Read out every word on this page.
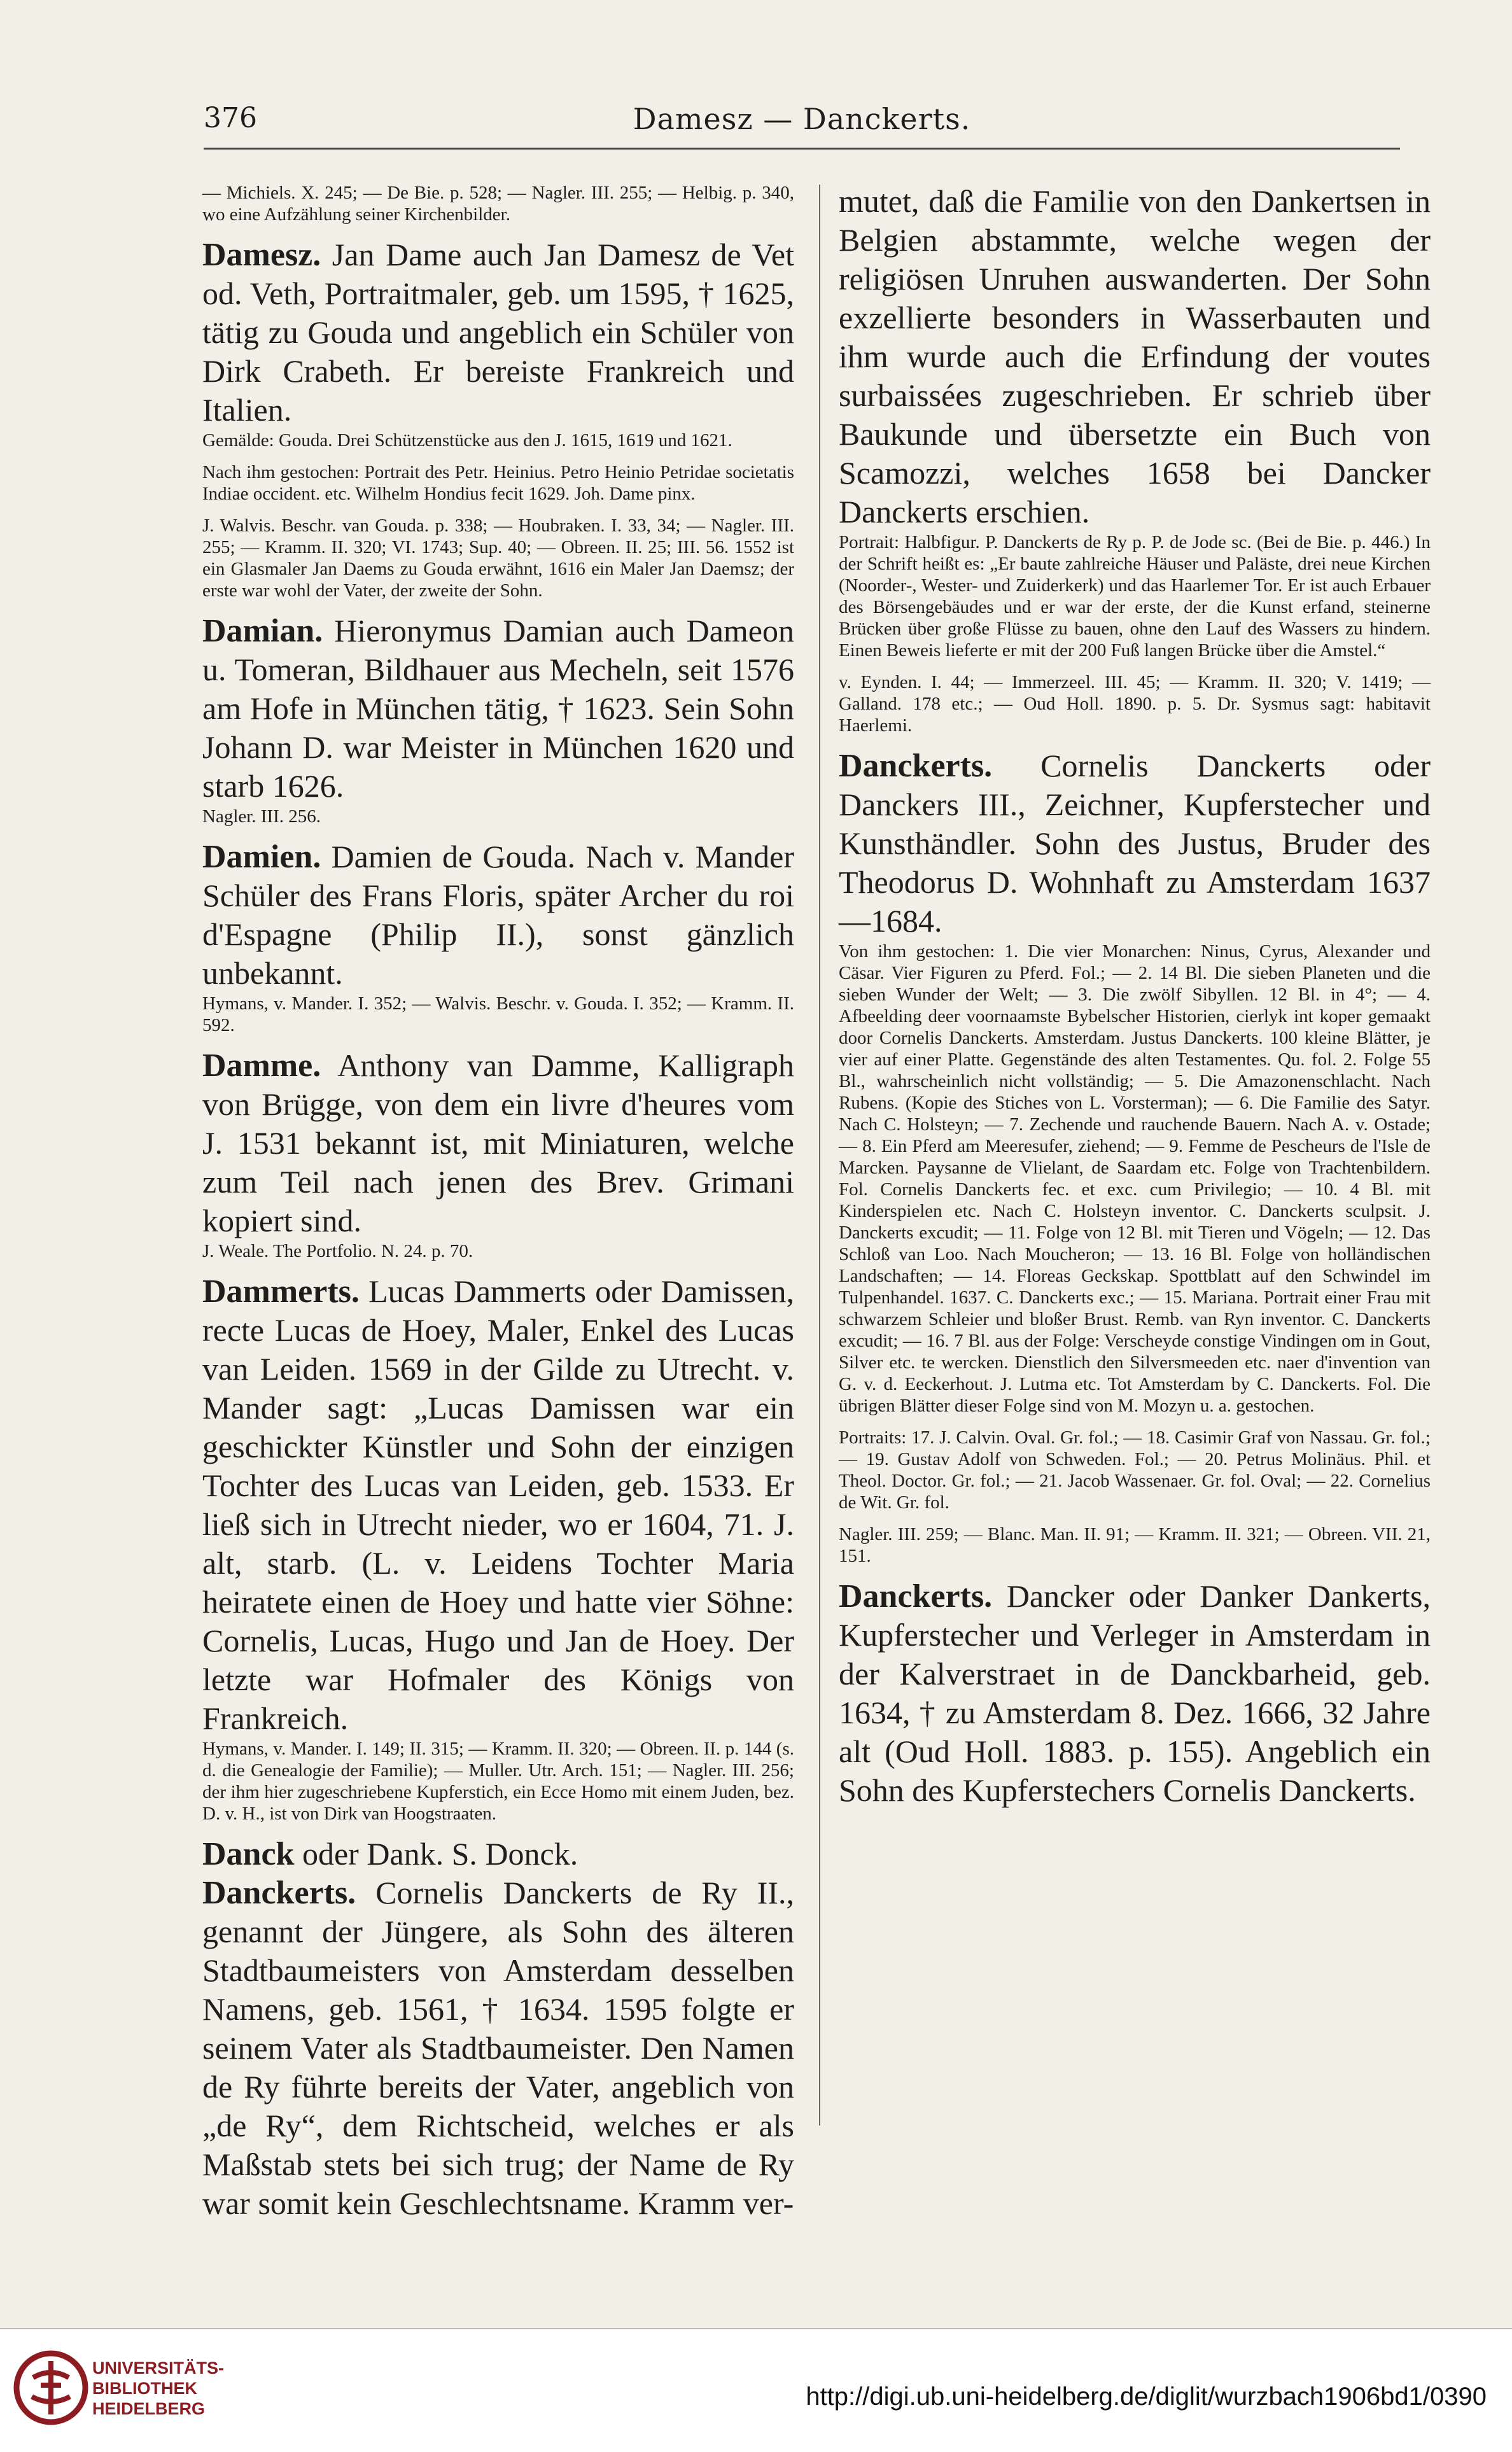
376	Damesz — Danckerts.

— Michiels. X. 245; — De Bie. p. 528; — Nagler. III. 255; — Helbig. p. 340, wo eine Aufzählung seiner Kirchenbilder.

Damesz. Jan Dame auch Jan Damesz de Vet od. Veth, Portraitmaler, geb. um 1595, † 1625, tätig zu Gouda und angeblich ein Schüler von Dirk Crabeth. Er bereiste Frankreich und Italien.

Gemälde: Gouda. Drei Schützenstücke aus den J. 1615, 1619 und 1621.

Nach ihm gestochen: Portrait des Petr. Heinius. Petro Heinio Petridae societatis Indiae occident. etc. Wilhelm Hondius fecit 1629. Joh. Dame pinx.

J. Walvis. Beschr. van Gouda. p. 338; — Houbraken. I. 33, 34; — Nagler. III. 255; — Kramm. II. 320; VI. 1743; Sup. 40; — Obreen. II. 25; III. 56. 1552 ist ein Glasmaler Jan Daems zu Gouda erwähnt, 1616 ein Maler Jan Daemsz; der erste war wohl der Vater, der zweite der Sohn.

Damian. Hieronymus Damian auch Dameon u. Tomeran, Bildhauer aus Mecheln, seit 1576 am Hofe in München tätig, † 1623. Sein Sohn Johann D. war Meister in München 1620 und starb 1626.

Nagler. III. 256.

Damien. Damien de Gouda. Nach v. Mander Schüler des Frans Floris, später Archer du roi d'Espagne (Philip II.), sonst gänzlich unbekannt.

Hymans, v. Mander. I. 352; — Walvis. Beschr. v. Gouda. I. 352; — Kramm. II. 592.

Damme. Anthony van Damme, Kalligraph von Brügge, von dem ein livre d'heures vom J. 1531 bekannt ist, mit Miniaturen, welche zum Teil nach jenen des Brev. Grimani kopiert sind.

J. Weale. The Portfolio. N. 24. p. 70.

Dammerts. Lucas Dammerts oder Damissen, recte Lucas de Hoey, Maler, Enkel des Lucas van Leiden. 1569 in der Gilde zu Utrecht. v. Mander sagt: „Lucas Damissen war ein geschickter Künstler und Sohn der einzigen Tochter des Lucas van Leiden, geb. 1533. Er ließ sich in Utrecht nieder, wo er 1604, 71. J. alt, starb. (L. v. Leidens Tochter Maria heiratete einen de Hoey und hatte vier Söhne: Cornelis, Lucas, Hugo und Jan de Hoey. Der letzte war Hofmaler des Königs von Frankreich.

Hymans, v. Mander. I. 149; II. 315; — Kramm. II. 320; — Obreen. II. p. 144 (s. d. die Genealogie der Familie); — Muller. Utr. Arch. 151; — Nagler. III. 256; der ihm hier zugeschriebene Kupferstich, ein Ecce Homo mit einem Juden, bez. D. v. H., ist von Dirk van Hoogstraaten.

Danck oder Dank. S. Donck.

Danckerts. Cornelis Danckerts de Ry II., genannt der Jüngere, als Sohn des älteren Stadtbaumeisters von Amsterdam desselben Namens, geb. 1561, † 1634. 1595 folgte er seinem Vater als Stadtbaumeister. Den Namen de Ry führte bereits der Vater, angeblich von „de Ry“, dem Richtscheid, welches er als Maßstab stets bei sich trug; der Name de Ry war somit kein Geschlechtsname. Kramm ver-

mutet, daß die Familie von den Dankertsen in Belgien abstammte, welche wegen der religiösen Unruhen auswanderten. Der Sohn exzellierte besonders in Wasserbauten und ihm wurde auch die Erfindung der voutes surbaissées zugeschrieben. Er schrieb über Baukunde und übersetzte ein Buch von Scamozzi, welches 1658 bei Dancker Danckerts erschien.

Portrait: Halbfigur. P. Danckerts de Ry p. P. de Jode sc. (Bei de Bie. p. 446.) In der Schrift heißt es: „Er baute zahlreiche Häuser und Paläste, drei neue Kirchen (Noorder-, Wester- und Zuiderkerk) und das Haarlemer Tor. Er ist auch Erbauer des Börsengebäudes und er war der erste, der die Kunst erfand, steinerne Brücken über große Flüsse zu bauen, ohne den Lauf des Wassers zu hindern. Einen Beweis lieferte er mit der 200 Fuß langen Brücke über die Amstel.“

v. Eynden. I. 44; — Immerzeel. III. 45; — Kramm. II. 320; V. 1419; — Galland. 178 etc.; — Oud Holl. 1890. p. 5. Dr. Sysmus sagt: habitavit Haerlemi.

Danckerts. Cornelis Danckerts oder Danckers III., Zeichner, Kupferstecher und Kunsthändler. Sohn des Justus, Bruder des Theodorus D. Wohnhaft zu Amsterdam 1637—1684.

Von ihm gestochen: 1. Die vier Monarchen: Ninus, Cyrus, Alexander und Cäsar. Vier Figuren zu Pferd. Fol.; — 2. 14 Bl. Die sieben Planeten und die sieben Wunder der Welt; — 3. Die zwölf Sibyllen. 12 Bl. in 4°; — 4. Afbeelding deer voornaamste Bybelscher Historien, cierlyk int koper gemaakt door Cornelis Danckerts. Amsterdam. Justus Danckerts. 100 kleine Blätter, je vier auf einer Platte. Gegenstände des alten Testamentes. Qu. fol. 2. Folge 55 Bl., wahrscheinlich nicht vollständig; — 5. Die Amazonenschlacht. Nach Rubens. (Kopie des Stiches von L. Vorsterman); — 6. Die Familie des Satyr. Nach C. Holsteyn; — 7. Zechende und rauchende Bauern. Nach A. v. Ostade; — 8. Ein Pferd am Meeresufer, ziehend; — 9. Femme de Pescheurs de l'Isle de Marcken. Paysanne de Vlielant, de Saardam etc. Folge von Trachtenbildern. Fol. Cornelis Danckerts fec. et exc. cum Privilegio; — 10. 4 Bl. mit Kinderspielen etc. Nach C. Holsteyn inventor. C. Danckerts sculpsit. J. Danckerts excudit; — 11. Folge von 12 Bl. mit Tieren und Vögeln; — 12. Das Schloß van Loo. Nach Moucheron; — 13. 16 Bl. Folge von holländischen Landschaften; — 14. Floreas Geckskap. Spottblatt auf den Schwindel im Tulpenhandel. 1637. C. Danckerts exc.; — 15. Mariana. Portrait einer Frau mit schwarzem Schleier und bloßer Brust. Remb. van Ryn inventor. C. Danckerts excudit; — 16. 7 Bl. aus der Folge: Verscheyde constige Vindingen om in Gout, Silver etc. te wercken. Dienstlich den Silversmeeden etc. naer d'invention van G. v. d. Eeckerhout. J. Lutma etc. Tot Amsterdam by C. Danckerts. Fol. Die übrigen Blätter dieser Folge sind von M. Mozyn u. a. gestochen.

Portraits: 17. J. Calvin. Oval. Gr. fol.; — 18. Casimir Graf von Nassau. Gr. fol.; — 19. Gustav Adolf von Schweden. Fol.; — 20. Petrus Molinäus. Phil. et Theol. Doctor. Gr. fol.; — 21. Jacob Wassenaer. Gr. fol. Oval; — 22. Cornelius de Wit. Gr. fol.

Nagler. III. 259; — Blanc. Man. II. 91; — Kramm. II. 321; — Obreen. VII. 21, 151.

Danckerts. Dancker oder Danker Dankerts, Kupferstecher und Verleger in Amsterdam in der Kalverstraet in de Danckbarheid, geb. 1634, † zu Amsterdam 8. Dez. 1666, 32 Jahre alt (Oud Holl. 1883. p. 155). Angeblich ein Sohn des Kupferstechers Cornelis Danckerts.

UNIVERSITÄTS-
BIBLIOTHEK
HEIDELBERG	http://digi.ub.uni-heidelberg.de/diglit/wurzbach1906bd1/0390
